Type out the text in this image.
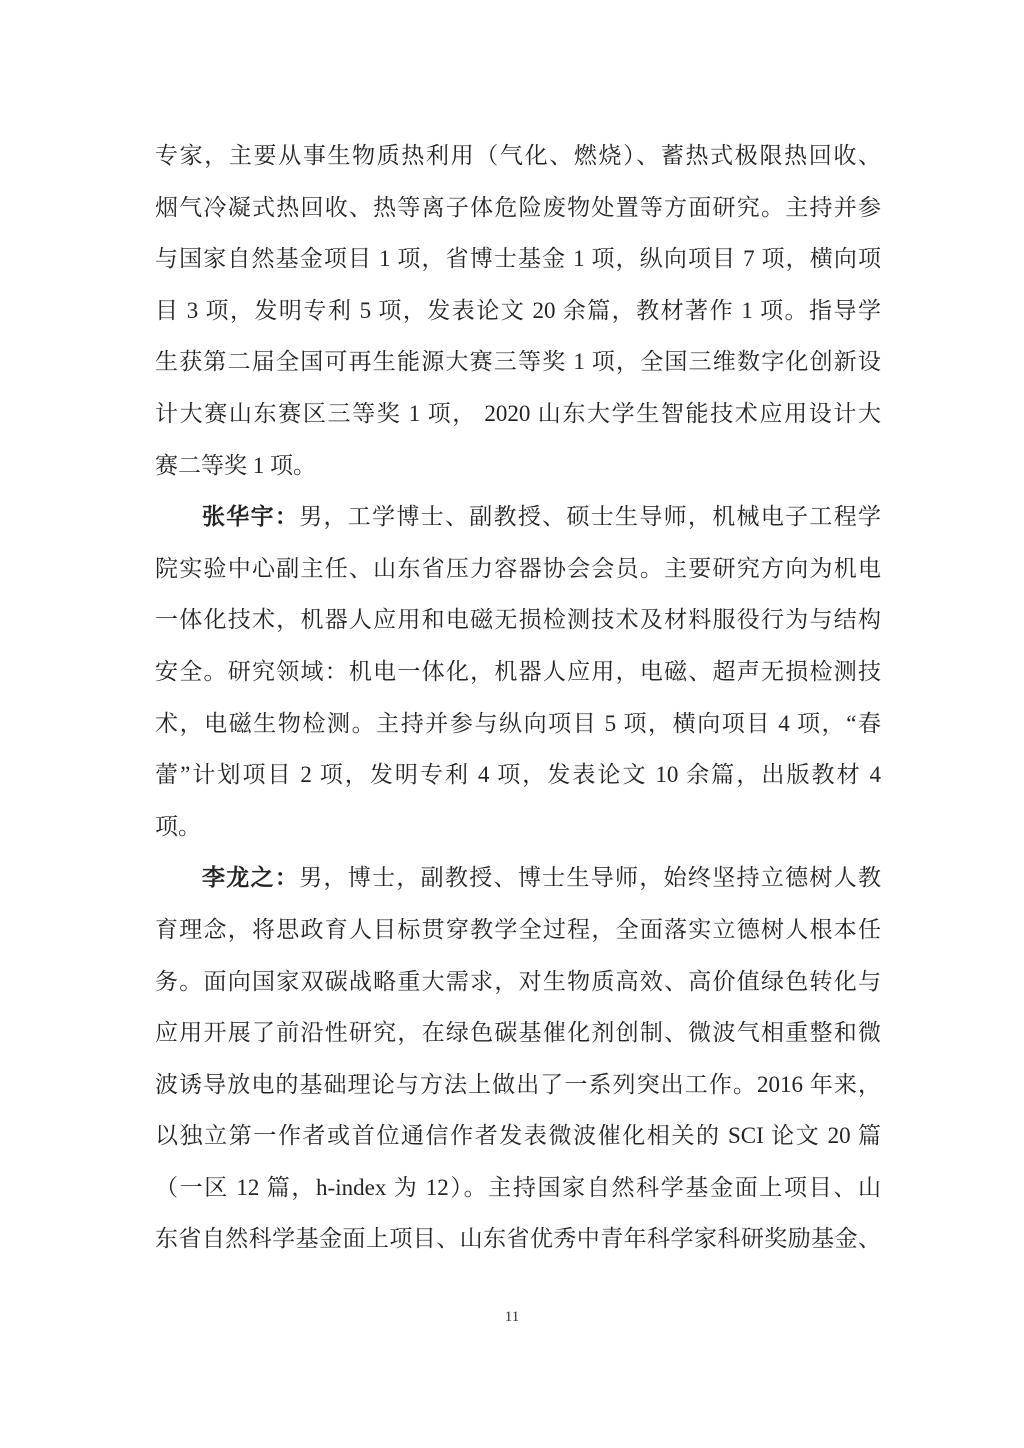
专家，主要从事生物质热利用（气化、燃烧）、蓄热式极限热回收、
烟气冷凝式热回收、热等离子体危险废物处置等方面研究。主持并参
与国家自然基金项目 1 项，省博士基金 1 项，纵向项目 7 项，横向项
目 3 项，发明专利 5 项，发表论文 20 余篇，教材著作 1 项。指导学
生获第二届全国可再生能源大赛三等奖 1 项，全国三维数字化创新设
计大赛山东赛区三等奖 1 项， 2020 山东大学生智能技术应用设计大
赛二等奖 1 项。
张华宇：男，工学博士、副教授、硕士生导师，机械电子工程学
院实验中心副主任、山东省压力容器协会会员。主要研究方向为机电
一体化技术，机器人应用和电磁无损检测技术及材料服役行为与结构
安全。研究领域：机电一体化，机器人应用，电磁、超声无损检测技
术，电磁生物检测。主持并参与纵向项目 5 项，横向项目 4 项，“春
蕾”计划项目 2 项，发明专利 4 项，发表论文 10 余篇，出版教材 4
项。
李龙之：男，博士，副教授、博士生导师，始终坚持立德树人教
育理念，将思政育人目标贯穿教学全过程，全面落实立德树人根本任
务。面向国家双碳战略重大需求，对生物质高效、高价值绿色转化与
应用开展了前沿性研究，在绿色碳基催化剂创制、微波气相重整和微
波诱导放电的基础理论与方法上做出了一系列突出工作。2016 年来，
以独立第一作者或首位通信作者发表微波催化相关的 SCI 论文 20 篇
（一区 12 篇，h-index 为 12）。主持国家自然科学基金面上项目、山
东省自然科学基金面上项目、山东省优秀中青年科学家科研奖励基金、
11
